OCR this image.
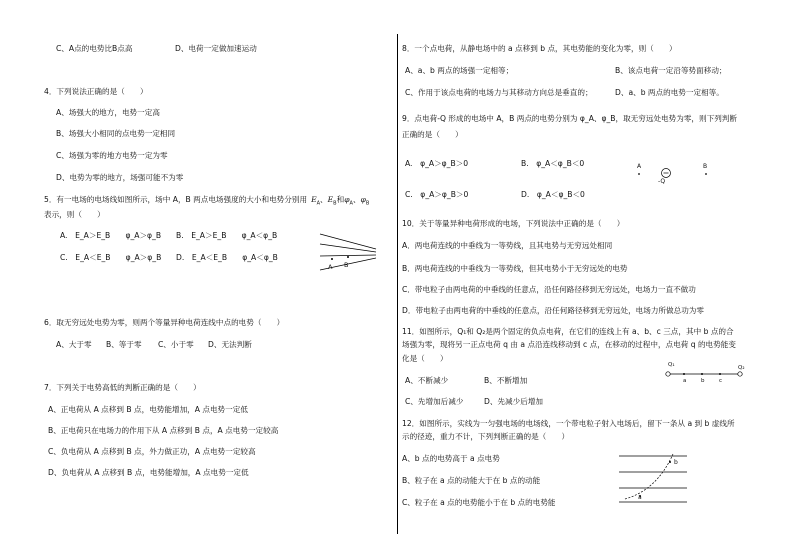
C、A点的电势比B点高	D、电荷一定做加速运动
4．下列说法正确的是（　　）
A、场强大的地方，电势一定高
B、场强大小相同的点电势一定相同
C、场强为零的地方电势一定为零
D、电势为零的地方，场强可能不为零
5．有一电场的电场线如图所示，场中 A，B 两点电场强度的大小和电势分别用 $E_A$、$E_B$和$\varphi_A$、$\varphi_B$
表示，则（　　）
A.　E_A＞E_B　　φ_A＞φ_B B.　E_A＞E_B　　φ_A＜φ_B
C.　E_A＜E_B　　φ_A＞φ_B D.　E_A＜E_B　　φ_A＜φ_B
A B
6．取无穷远处电势为零，则两个等量异种电荷连线中点的电势（　　）
A、大于零 B、等于零 C、小于零 D、无法判断
7．下列关于电势高低的判断正确的是（　　）
A、正电荷从 A 点移到 B 点，电势能增加，A 点电势一定低
B、正电荷只在电场力的作用下从 A 点移到 B 点，A 点电势一定较高
C、负电荷从 A 点移到 B 点，外力做正功，A 点电势一定较高
D、负电荷从 A 点移到 B 点，电势能增加，A 点电势一定低
8．一个点电荷，从静电场中的 a 点移到 b 点，其电势能的变化为零，则（　　）
A、a、b 两点的场强一定相等；	B、该点电荷一定沿等势面移动；
C、作用于该点电荷的电场力与其移动方向总是垂直的；	D、a、b 两点的电势一定相等。
9．点电荷-Q 形成的电场中 A，B 两点的电势分别为 φ_A、φ_B，取无穷远处电势为零，则下列判断
正确的是（　　）
A.　φ_A＞φ_B＞0	B.　φ_A＜φ_B＜0
C.　φ_A＞φ_B＞0	D.　φ_A＜φ_B＜0
A
-Q
B
10．关于等量异种电荷形成的电场，下列说法中正确的是（　　）
A．两电荷连线的中垂线为一等势线，且其电势与无穷远处相同
B．两电荷连线的中垂线为一等势线，但其电势小于无穷远处的电势
C．带电粒子由两电荷的中垂线的任意点，沿任何路径移到无穷远处，电场力一直不做功
D．带电粒子由两电荷的中垂线的任意点，沿任何路径移到无穷远处，电场力所做总功为零
11．如图所示，Q₁和 Q₂是两个固定的负点电荷，在它们的连线上有 a、b、c 三点，其中 b 点的合
场强为零，现将另一正点电荷 q 由 a 点沿连线移动到 c 点，在移动的过程中，点电荷 q 的电势能变
化是（　　）
A、不断减少	B、不断增加
C、先增加后减少	D、先减少后增加
Q₁
a	b	c
Q₂
12．如图所示，实线为一匀强电场的电场线，一个带电粒子射入电场后，留下一条从 a 到 b 虚线所
示的径迹，重力不计，下列判断正确的是（　　）
A、b 点的电势高于 a 点电势
B、粒子在 a 点的动能大于在 b 点的动能
C、粒子在 a 点的电势能小于在 b 点的电势能
a
b
